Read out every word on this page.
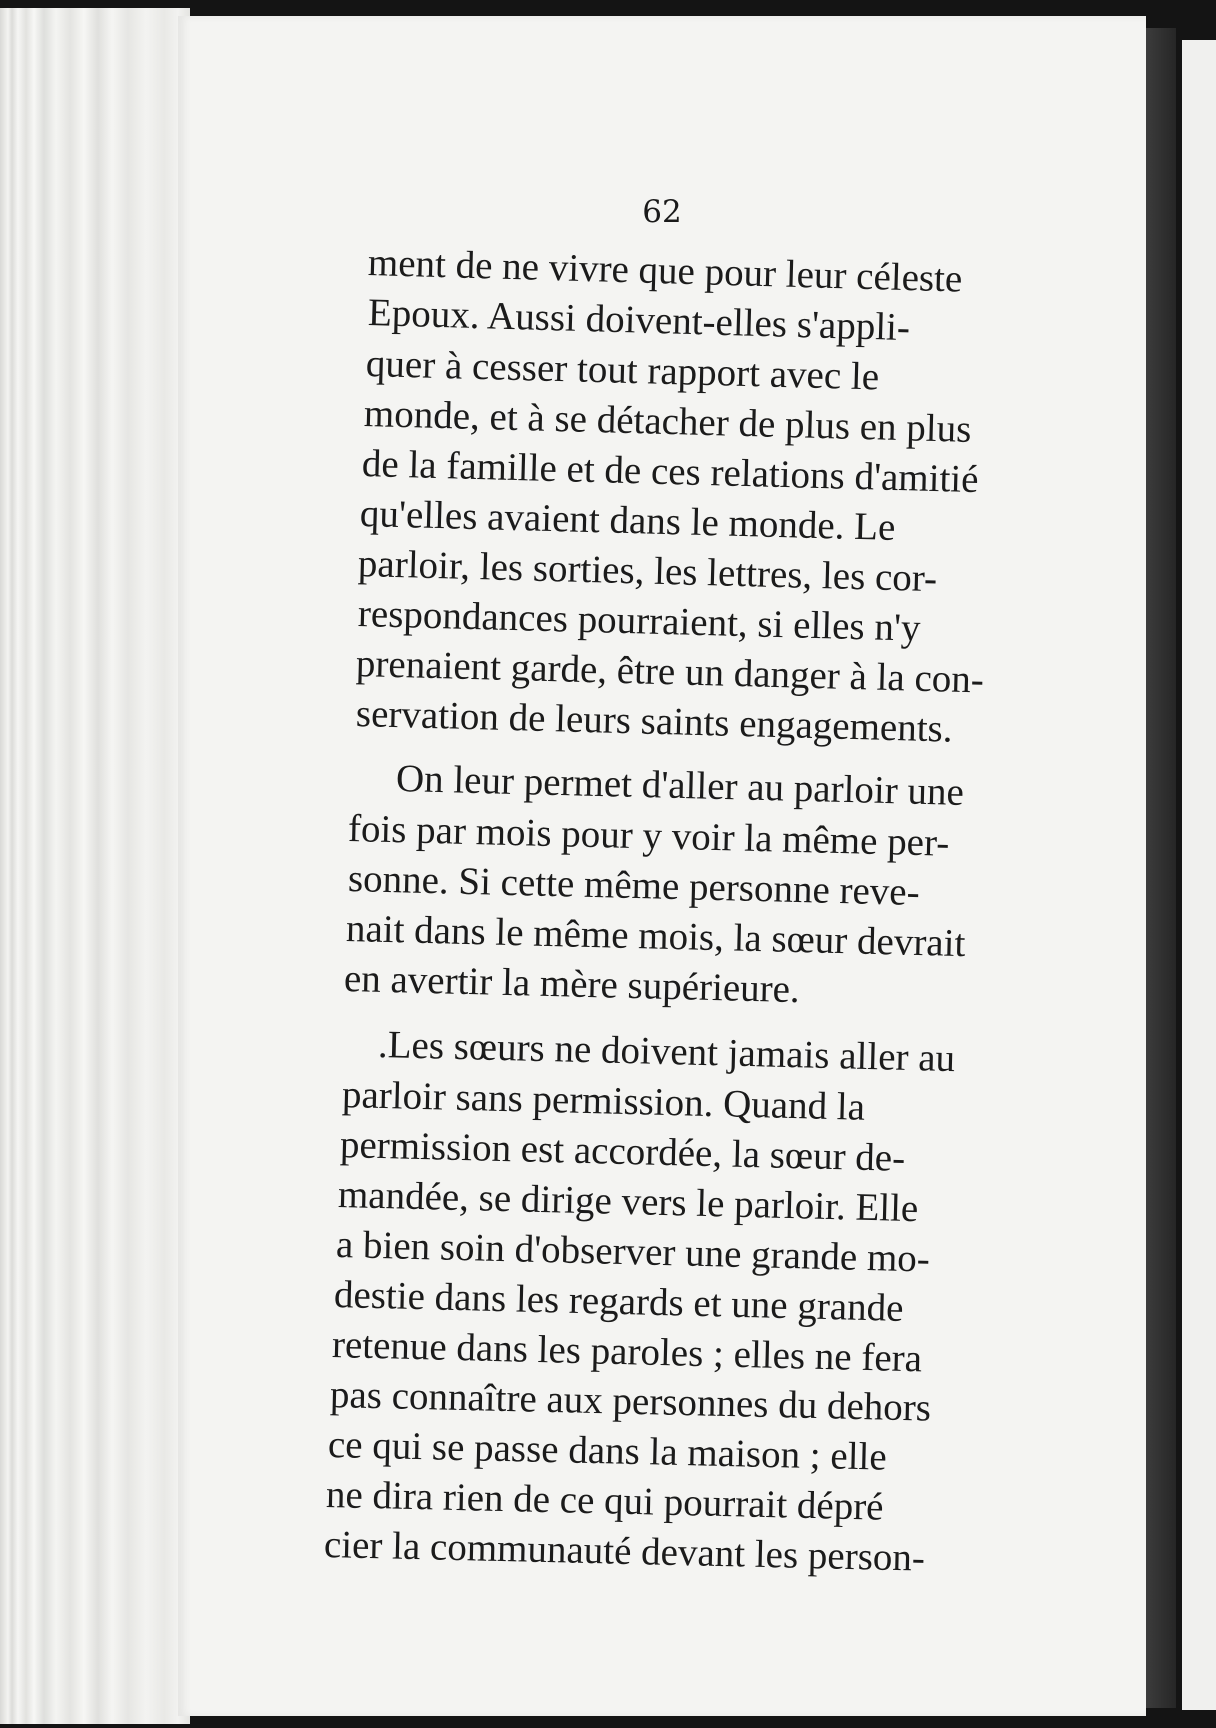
62
ment de ne vivre que pour leur céleste
Epoux. Aussi doivent-elles s'appli-
quer à cesser tout rapport avec le
monde, et à se détacher de plus en plus
de la famille et de ces relations d'amitié
qu'elles avaient dans le monde. Le
parloir, les sorties, les lettres, les cor-
respondances pourraient, si elles n'y
prenaient garde, être un danger à la con-
servation de leurs saints engagements.
On leur permet d'aller au parloir une
fois par mois pour y voir la même per-
sonne. Si cette même personne reve-
nait dans le même mois, la sœur devrait
en avertir la mère supérieure.
.Les sœurs ne doivent jamais aller au
parloir sans permission. Quand la
permission est accordée, la sœur de-
mandée, se dirige vers le parloir. Elle
a bien soin d'observer une grande mo-
destie dans les regards et une grande
retenue dans les paroles ; elles ne fera
pas connaître aux personnes du dehors
ce qui se passe dans la maison ; elle
ne dira rien de ce qui pourrait dépré
cier la communauté devant les person-
